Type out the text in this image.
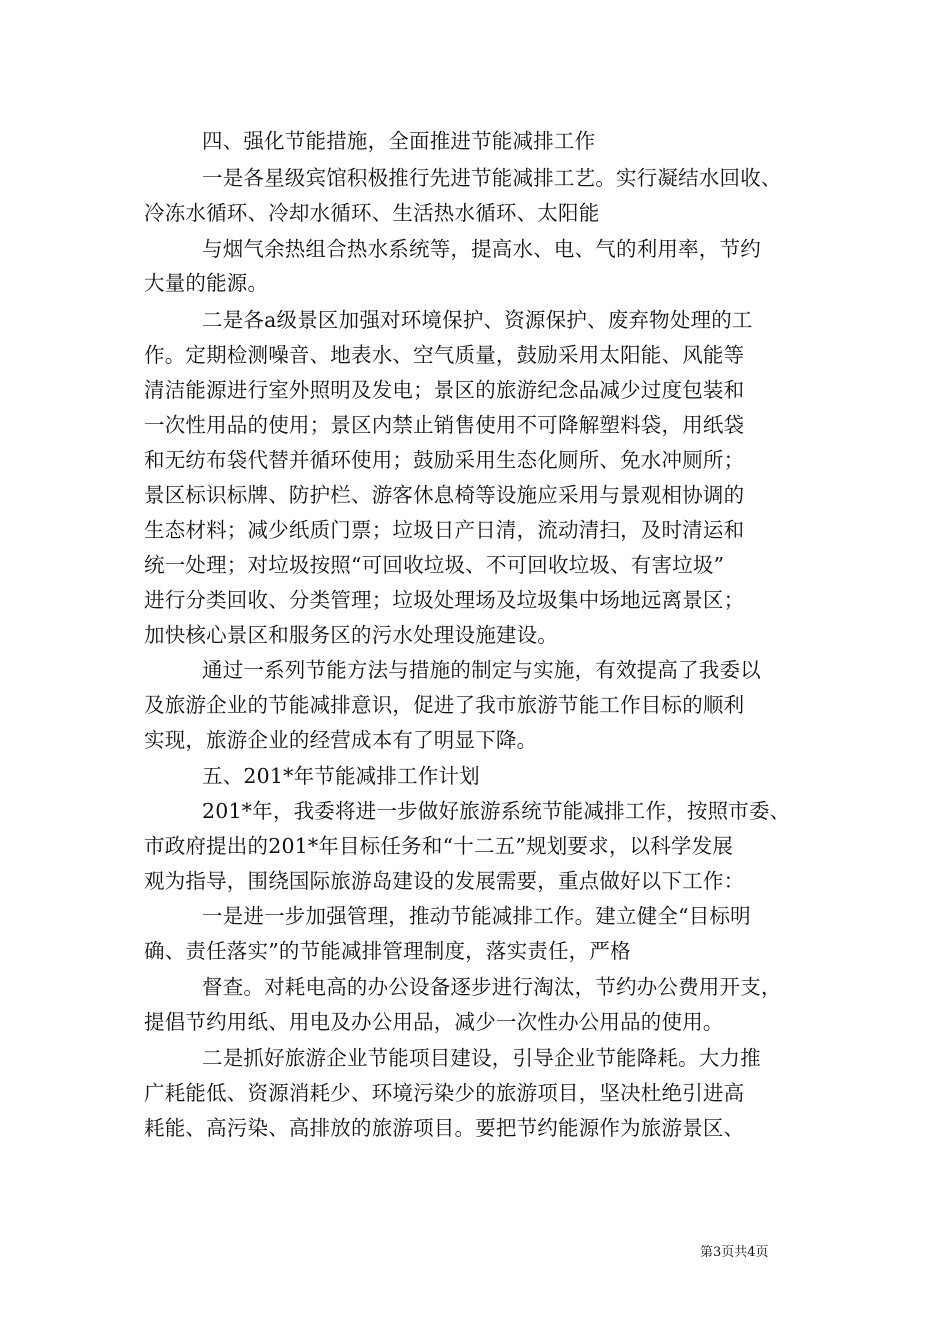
四、强化节能措施，全面推进节能减排工作
一是各星级宾馆积极推行先进节能减排工艺。实行凝结水回收、
冷冻水循环、冷却水循环、生活热水循环、太阳能
与烟气余热组合热水系统等，提高水、电、气的利用率，节约
大量的能源。
二是各a级景区加强对环境保护、资源保护、废弃物处理的工
作。定期检测噪音、地表水、空气质量，鼓励采用太阳能、风能等
清洁能源进行室外照明及发电；景区的旅游纪念品减少过度包装和
一次性用品的使用；景区内禁止销售使用不可降解塑料袋，用纸袋
和无纺布袋代替并循环使用；鼓励采用生态化厕所、免水冲厕所；
景区标识标牌、防护栏、游客休息椅等设施应采用与景观相协调的
生态材料；减少纸质门票；垃圾日产日清，流动清扫，及时清运和
统一处理；对垃圾按照“可回收垃圾、不可回收垃圾、有害垃圾”
进行分类回收、分类管理；垃圾处理场及垃圾集中场地远离景区；
加快核心景区和服务区的污水处理设施建设。
通过一系列节能方法与措施的制定与实施，有效提高了我委以
及旅游企业的节能减排意识，促进了我市旅游节能工作目标的顺利
实现，旅游企业的经营成本有了明显下降。
五、201*年节能减排工作计划
201*年，我委将进一步做好旅游系统节能减排工作，按照市委、
市政府提出的201*年目标任务和“十二五”规划要求，以科学发展
观为指导，围绕国际旅游岛建设的发展需要，重点做好以下工作：
一是进一步加强管理，推动节能减排工作。建立健全“目标明
确、责任落实”的节能减排管理制度，落实责任，严格
督查。对耗电高的办公设备逐步进行淘汰，节约办公费用开支，
提倡节约用纸、用电及办公用品，减少一次性办公用品的使用。
二是抓好旅游企业节能项目建设，引导企业节能降耗。大力推
广耗能低、资源消耗少、环境污染少的旅游项目，坚决杜绝引进高
耗能、高污染、高排放的旅游项目。要把节约能源作为旅游景区、
第3页共4页
